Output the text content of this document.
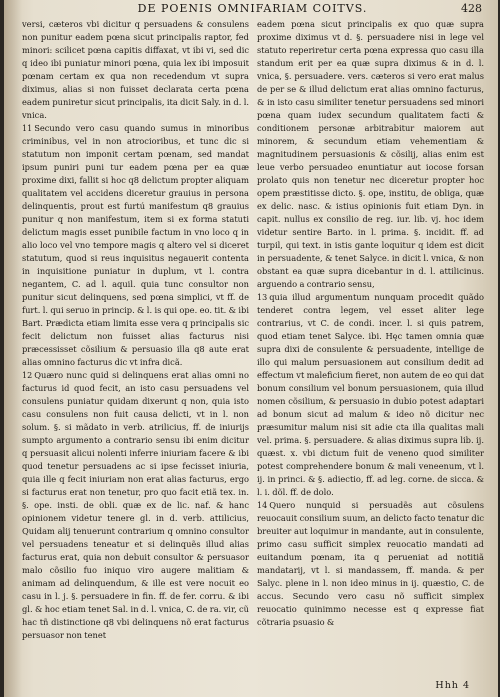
DE POENIS OMNIFARIAM COITVS.	428

versi, cæteros vbi dicitur q persuadens & consulens non punitur eadem pœna sicut principalis raptor, fed minori: scilicet pœna capitis diffaxat, vt ibi vi, sed dic q ideo ibi puniatur minori pœna, quia lex ibi imposuit pœnam certam ex qua non recedendum vt supra diximus, alias si non fuisset declarata certa pœna eadem puniretur sicut principalis, ita dicit Saly. in d. l. vnica.

11 Secundo vero casu quando sumus in minoribus criminibus, vel in non atrocioribus, et tunc dic si statutum non imponit certam pœnam, sed mandat ipsum puniri puni tur eadem pœna per ea quæ proxime dixi, fallit si hoc q8 delictum propter aliquam qualitatem vel accidens diceretur grauius in persona delinquentis, prout est furtú manifestum q8 grauius punitur q non manifestum, item si ex forma statuti delictum magis esset punibile factum in vno loco q in alio loco vel vno tempore magis q altero vel si diceret statutum, quod si reus inquisitus negauerit contenta in inquisitione puniatur in duplum, vt l. contra negantem, C. ad l. aquil. quia tunc consultor non punitur sicut delinquens, sed pœna simplici, vt ff. de furt. l. qui seruo in princip. & l. is qui ope. eo. tit. & ibi Bart. Prædicta etiam limita esse vera q principalis sic fecit delictum non fuisset alias facturus nisi præcessisset cõsilium & persuasio illa q8 aute erat alias omnino facturus dic vt infra dicã.

12 Quæro nunc quid si delinquens erat alias omni no facturus id quod fecit, an isto casu persuadens vel consulens puniatur quidam dixerunt q non, quia isto casu consulens non fuit causa delicti, vt in l. non solum. §. si mãdato in verb. atrilicius, ff. de iniurijs sumpto argumento a contrario sensu ibi enim dicitur q persuasit alicui nolenti inferre iniuriam facere & ibi quod tenetur persuadens ac si ipse fecisset iniuria, quia ille q fecit iniuriam non erat alias facturus, ergo si facturus erat non tenetur, pro quo facit etiã tex. in. §. ope. insti. de obli. quæ ex de lic. naf. & hanc opinionem videtur tenere gl. in d. verb. attilicius, Quidam alij tenuerunt contrarium q omnino consultor vel persuadens teneatur et si delinquẽs illud alias facturus erat, quia non debuit consultor & persuasor malo cõsilio fuo iniquo viro augere malitiam & animam ad delinquendum, & ille est vere nocuit eo casu in l. j. §. persuadere in fin. ff. de fer. corru. & ibi gl. & hoc etiam tenet Sal. in d. l. vnica, C. de ra. vir, cũ hac tñ distinctione q8 vbi delinquens nõ erat facturus persuasor non tenet

eadem pœna sicut principalis ex quo quæ supra proxime diximus vt d. §. persuadere nisi in lege vel statuto reperiretur certa pœna expressa quo casu illa standum erit per ea quæ supra diximus & in d. l. vnica, §. persuadere. vers. cæteros si vero erat malus de per se & illud delictum erat alias omnino facturus, & in isto casu similiter tenetur persuadens sed minori pœna quam iudex secundum qualitatem facti & conditionem personæ arbitrabitur maiorem aut minorem, & secundum etiam vehementiam & magnitudinem persuasionis & cõsilij, alias enim est leue verbo persuadeo enuntiatur aut iocose forsan prolato quis non tenetur nec diceretur propter hoc opem præstitisse dicto. §. ope, institu, de obliga, quæ ex delic. nasc. & istius opinionis fuit etiam Dyn. in capit. nullus ex consilio de reg. iur. lib. vj. hoc idem videtur sentire Barto. in l. prima. §. incidit. ff. ad turpil, qui text. in istis gante loquitur q idem est dicit in persuadente, & tenet Salyce. in dicit l. vnica, & non obstant ea quæ supra dicebantur in d. l. attilicinus. arguendo a contrario sensu,

13 quia illud argumentum nunquam procedit quãdo tenderet contra legem, vel esset aliter lege contrarius, vt C. de condi. incer. l. si quis patrem, quod etiam tenet Salyce. ibi. Hęc tamen omnia quæ supra dixi de consulente & persuadente, intellige de illo qui malum persuasionem aut consilium dedit ad effectum vt maleficium fieret, non autem de eo qui dat bonum consilium vel bonum persuasionem, quia illud nomen cõsilium, & persuasio in dubio potest adaptari ad bonum sicut ad malum & ideo nõ dicitur nec præsumitur malum nisi sit adie cta illa qualitas mali vel. prima. §. persuadere. & alias diximus supra lib. ij. quæst. x. vbi dictum fuit de veneno quod similiter potest comprehendere bonum & mali veneenum, vt l. ij. in princi. & §. adiectio, ff. ad leg. corne. de sicca. & l. i. dõl. ff. de dolo.

14 Quero nunquid si persuadẽs aut cõsulens reuocauit consilium suum, an delicto facto tenatur dic breuiter aut loquimur in mandante, aut in consulente, primo casu sufficit simplex reuocatio mandati ad euitandum pœnam, ita q perueniat ad notitiã mandatarij, vt l. si mandassem, ff. manda. & per Salyc. plene in l. non ideo minus in ij. quæstio, C. de accus. Secundo vero casu nõ sufficit simplex reuocatio quinimmo necesse est q expresse fiat cõtraria psuasio &

Hhh 4
